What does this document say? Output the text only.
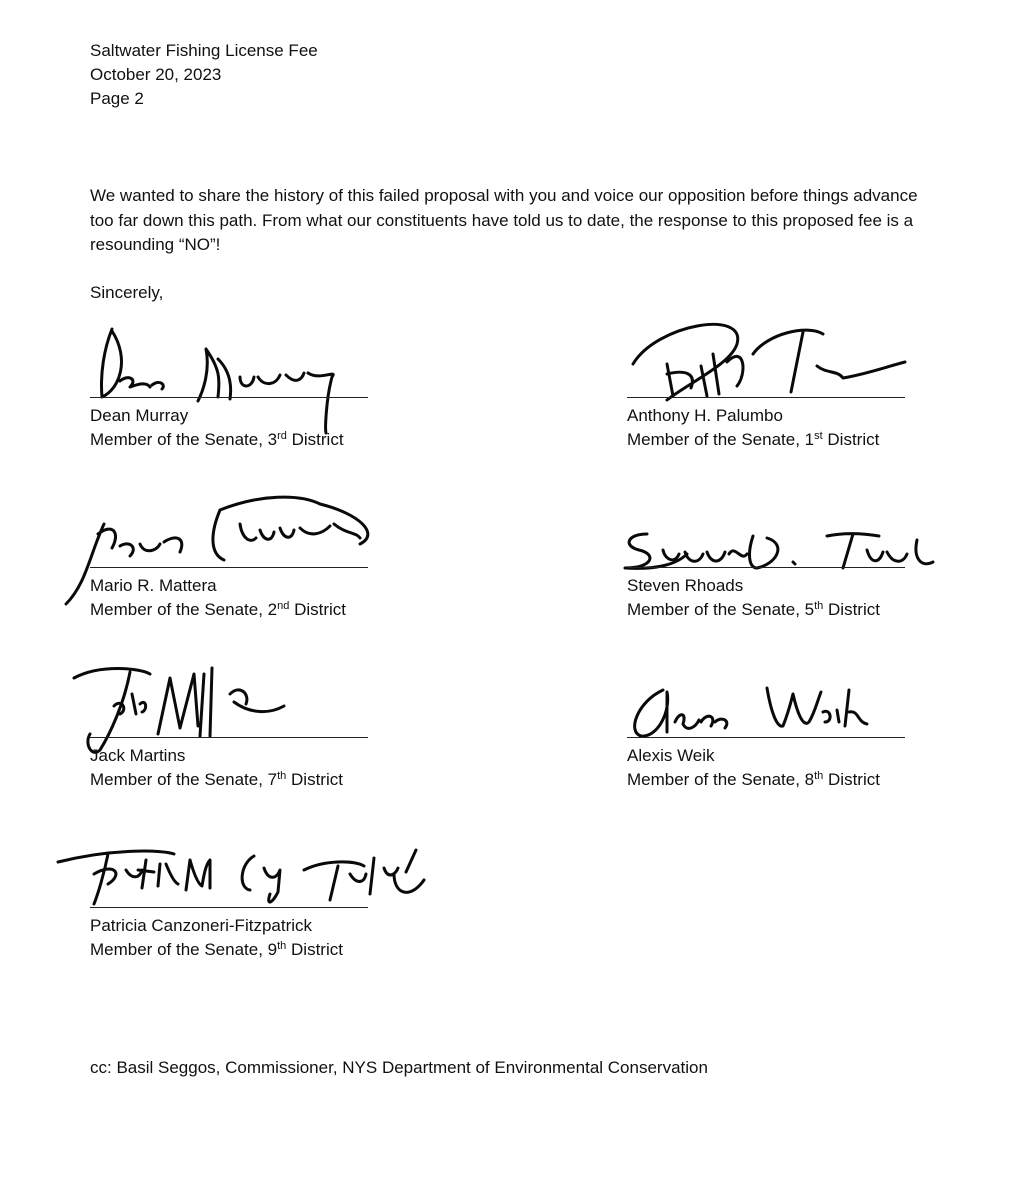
Saltwater Fishing License Fee
October 20, 2023
Page 2
We wanted to share the history of this failed proposal with you and voice our opposition before things advance too far down this path. From what our constituents have told us to date, the response to this proposed fee is a resounding “NO”!
Sincerely,
Dean Murray
Member of the Senate, 3rd District
Anthony H. Palumbo
Member of the Senate, 1st District
Mario R. Mattera
Member of the Senate, 2nd District
Steven Rhoads
Member of the Senate, 5th District
Jack Martins
Member of the Senate, 7th District
Alexis Weik
Member of the Senate, 8th District
Patricia Canzoneri-Fitzpatrick
Member of the Senate, 9th District
cc: Basil Seggos, Commissioner, NYS Department of Environmental Conservation
